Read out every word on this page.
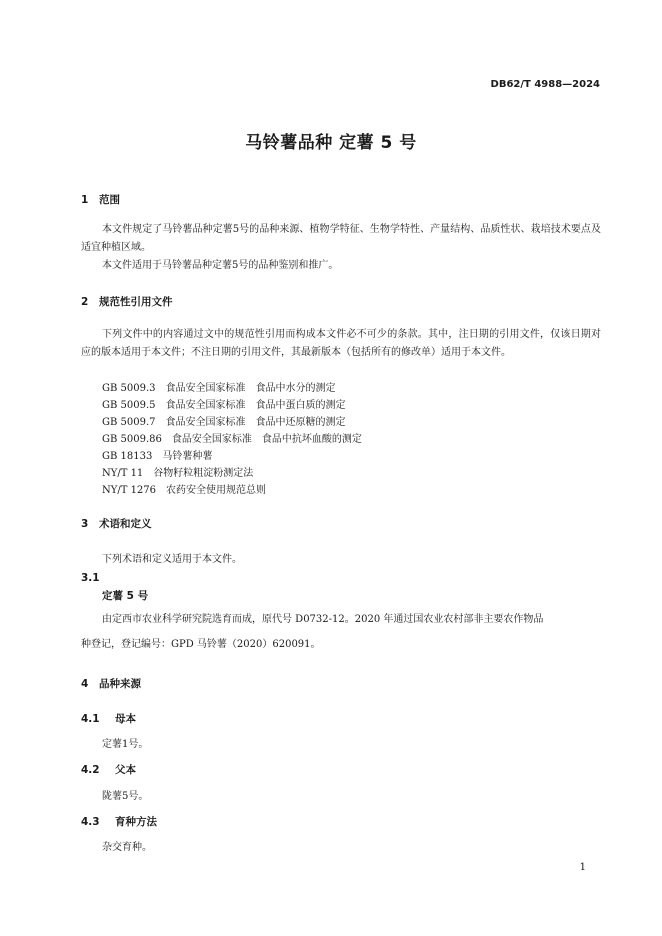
DB62/T 4988—2024
马铃薯品种 定薯 5 号
1 范围
本文件规定了马铃薯品种定薯5号的品种来源、植物学特征、生物学特性、产量结构、品质性状、栽培技术要点及适宜种植区域。
本文件适用于马铃薯品种定薯5号的品种鉴别和推广。
2 规范性引用文件
下列文件中的内容通过文中的规范性引用而构成本文件必不可少的条款。其中，注日期的引用文件，仅该日期对应的版本适用于本文件；不注日期的引用文件，其最新版本（包括所有的修改单）适用于本文件。
GB 5009.3 食品安全国家标准　食品中水分的测定
GB 5009.5 食品安全国家标准　食品中蛋白质的测定
GB 5009.7 食品安全国家标准　食品中还原糖的测定
GB 5009.86 食品安全国家标准　食品中抗坏血酸的测定
GB 18133 马铃薯种薯
NY/T 11 谷物籽粒粗淀粉测定法
NY/T 1276 农药安全使用规范总则
3 术语和定义
下列术语和定义适用于本文件。
3.1
定薯 5 号
由定西市农业科学研究院选育而成，原代号 D0732-12。2020 年通过国农业农村部非主要农作物品
种登记，登记编号：GPD 马铃薯（2020）620091。
4 品种来源
4.1 母本
定薯1号。
4.2 父本
陇薯5号。
4.3 育种方法
杂交育种。
1
